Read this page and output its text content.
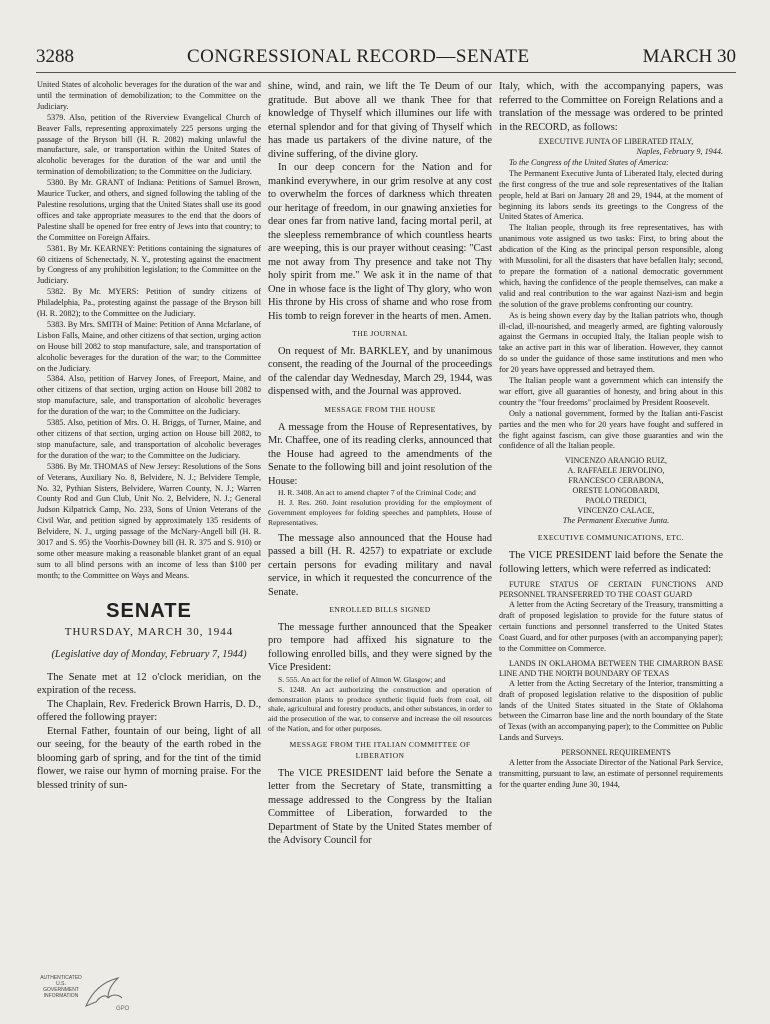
3288	CONGRESSIONAL RECORD—SENATE	MARCH 30

United States of alcoholic beverages for the duration of the war and until the termination of demobilization; to the Committee on the Judiciary.

5379. Also, petition of the Riverview Evangelical Church of Beaver Falls, representing approximately 225 persons urging the passage of the Bryson bill (H. R. 2082) making unlawful the manufacture, sale, or transportation within the United States of alcoholic beverages for the duration of the war and until the termination of demobilization; to the Committee on the Judiciary.

5380. By Mr. GRANT of Indiana: Petitions of Samuel Brown, Maurice Tucker, and others, and signed following the tabling of the Palestine resolutions, urging that the United States shall use its good offices and take appropriate measures to the end that the doors of Palestine shall be opened for free entry of Jews into that country; to the Committee on Foreign Affairs.

5381. By Mr. KEARNEY: Petitions containing the signatures of 60 citizens of Schenectady, N. Y., protesting against the enactment by Congress of any prohibition legislation; to the Committee on the Judiciary.

5382. By Mr. MYERS: Petition of sundry citizens of Philadelphia, Pa., protesting against the passage of the Bryson bill (H. R. 2082); to the Committee on the Judiciary.

5383. By Mrs. SMITH of Maine: Petition of Anna Mcfarlane, of Lisbon Falls, Maine, and other citizens of that section, urging action on House bill 2082 to stop manufacture, sale, and transportation of alcoholic beverages for the duration of the war; to the Committee on the Judiciary.

5384. Also, petition of Harvey Jones, of Freeport, Maine, and other citizens of that section, urging action on House bill 2082 to stop manufacture, sale, and transportation of alcoholic beverages for the duration of the war; to the Committee on the Judiciary.

5385. Also, petition of Mrs. O. H. Briggs, of Turner, Maine, and other citizens of that section, urging action on House bill 2082, to stop manufacture, sale, and transportation of alcoholic beverages for the duration of the war; to the Committee on the Judiciary.

5386. By Mr. THOMAS of New Jersey: Resolutions of the Sons of Veterans, Auxiliary No. 8, Belvidere, N. J.; Belvidere Temple, No. 32, Pythian Sisters, Belvidere, Warren County, N. J.; Warren County Rod and Gun Club, Unit No. 2, Belvidere, N. J.; General Judson Kilpatrick Camp, No. 233, Sons of Union Veterans of the Civil War, and petition signed by approximately 135 residents of Belvidere, N. J., urging passage of the McNary-Angell bill (H. R. 3017 and S. 95) the Voorhis-Downey bill (H. R. 375 and S. 910) or some other measure making a reasonable blanket grant of an equal sum to all blind persons with an income of less than $100 per month; to the Committee on Ways and Means.

SENATE
THURSDAY, MARCH 30, 1944
(Legislative day of Monday, February 7, 1944)

The Senate met at 12 o'clock meridian, on the expiration of the recess.

The Chaplain, Rev. Frederick Brown Harris, D. D., offered the following prayer:

Eternal Father, fountain of our being, light of all our seeing, for the beauty of the earth robed in the blooming garb of spring, and for the tint of the timid flower, we raise our hymn of morning praise. For the blessed trinity of sun-

shine, wind, and rain, we lift the Te Deum of our gratitude. But above all we thank Thee for that knowledge of Thyself which illumines our life with eternal splendor and for that giving of Thyself which has made us partakers of the divine nature, of the divine suffering, of the divine glory.

In our deep concern for the Nation and for mankind everywhere, in our grim resolve at any cost to overwhelm the forces of darkness which threaten our heritage of freedom, in our gnawing anxieties for dear ones far from native land, facing mortal peril, at the sleepless remembrance of which countless hearts are weeping, this is our prayer without ceasing: "Cast me not away from Thy presence and take not Thy holy spirit from me." We ask it in the name of that One in whose face is the light of Thy glory, who won His throne by His cross of shame and who rose from His tomb to reign forever in the hearts of men. Amen.

THE JOURNAL

On request of Mr. BARKLEY, and by unanimous consent, the reading of the Journal of the proceedings of the calendar day Wednesday, March 29, 1944, was dispensed with, and the Journal was approved.

MESSAGE FROM THE HOUSE

A message from the House of Representatives, by Mr. Chaffee, one of its reading clerks, announced that the House had agreed to the amendments of the Senate to the following bill and joint resolution of the House:

H. R. 3408. An act to amend chapter 7 of the Criminal Code; and

H. J. Res. 260. Joint resolution providing for the employment of Government employees for folding speeches and pamphlets, House of Representatives.

The message also announced that the House had passed a bill (H. R. 4257) to expatriate or exclude certain persons for evading military and naval service, in which it requested the concurrence of the Senate.

ENROLLED BILLS SIGNED

The message further announced that the Speaker pro tempore had affixed his signature to the following enrolled bills, and they were signed by the Vice President:

S. 555. An act for the relief of Almon W. Glasgow; and

S. 1248. An act authorizing the construction and operation of demonstration plants to produce synthetic liquid fuels from coal, oil shale, agricultural and forestry products, and other substances, in order to aid the prosecution of the war, to conserve and increase the oil resources of the Nation, and for other purposes.

MESSAGE FROM THE ITALIAN COMMITTEE OF LIBERATION

The VICE PRESIDENT laid before the Senate a letter from the Secretary of State, transmitting a message addressed to the Congress by the Italian Committee of Liberation, forwarded to the Department of State by the United States member of the Advisory Council for

Italy, which, with the accompanying papers, was referred to the Committee on Foreign Relations and a translation of the message was ordered to be printed in the RECORD, as follows:

EXECUTIVE JUNTA OF LIBERATED ITALY,

Naples, February 9, 1944.

To the Congress of the United States of America:

The Permanent Executive Junta of Liberated Italy, elected during the first congress of the true and sole representatives of the Italian people, held at Bari on January 28 and 29, 1944, at the moment of beginning its labors sends its greetings to the Congress of the United States of America.

The Italian people, through its free representatives, has with unanimous vote assigned us two tasks: First, to bring about the abdication of the King as the principal person responsible, along with Mussolini, for all the disasters that have befallen Italy; second, to prepare the formation of a national democratic government which, having the confidence of the people themselves, can make a valid and real contribution to the war against Nazi-ism and begin the solution of the grave problems confronting our country.

As is being shown every day by the Italian patriots who, though ill-clad, ill-nourished, and meagerly armed, are fighting valorously against the Germans in occupied Italy, the Italian people wish to take an active part in this war of liberation. However, they cannot do so under the guidance of those same institutions and men who for 20 years have oppressed and betrayed them.

The Italian people want a government which can intensify the war effort, give all guaranties of honesty, and bring about in this country the "four freedoms" proclaimed by President Roosevelt.

Only a national government, formed by the Italian anti-Fascist parties and the men who for 20 years have fought and suffered in the fight against fascism, can give those guaranties and win the confidence of all the Italian people.

VINCENZO ARANGIO RUIZ,

A. RAFFAELE JERVOLINO,

FRANCESCO CERABONA,

ORESTE LONGOBARDI,

PAOLO TREDICI,

VINCENZO CALACE,

The Permanent Executive Junta.

EXECUTIVE COMMUNICATIONS, ETC.

The VICE PRESIDENT laid before the Senate the following letters, which were referred as indicated:

FUTURE STATUS OF CERTAIN FUNCTIONS AND PERSONNEL TRANSFERRED TO THE COAST GUARD

A letter from the Acting Secretary of the Treasury, transmitting a draft of proposed legislation to provide for the future status of certain functions and personnel transferred to the United States Coast Guard, and for other purposes (with an accompanying paper); to the Committee on Commerce.

LANDS IN OKLAHOMA BETWEEN THE CIMARRON BASE LINE AND THE NORTH BOUNDARY OF TEXAS

A letter from the Acting Secretary of the Interior, transmitting a draft of proposed legislation relative to the disposition of public lands of the United States situated in the State of Oklahoma between the Cimarron base line and the north boundary of the State of Texas (with an accompanying paper); to the Committee on Public Lands and Surveys.

PERSONNEL REQUIREMENTS

A letter from the Associate Director of the National Park Service, transmitting, pursuant to law, an estimate of personnel requirements for the quarter ending June 30, 1944,

AUTHENTICATED U.S. GOVERNMENT INFORMATION
GPO
